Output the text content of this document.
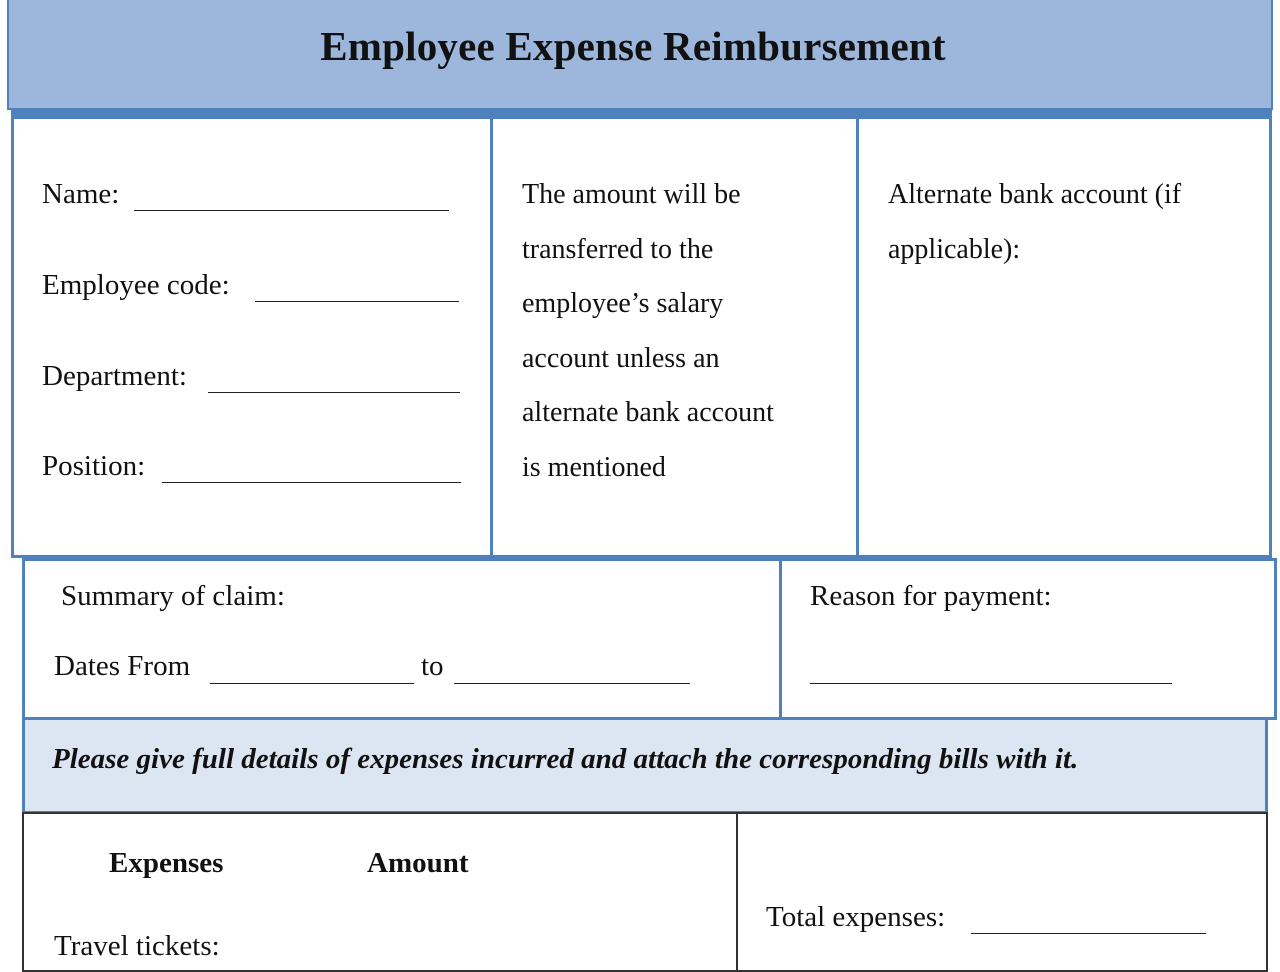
Employee Expense Reimbursement
Name:
Employee code:
Department:
Position:
The amount will be
transferred to the
employee’s salary
account unless an
alternate bank account
is mentioned
Alternate bank account (if
applicable):
Summary of claim:
Dates From	to
Reason for payment:
Please give full details of expenses incurred and attach the corresponding bills with it.
Expenses	Amount
Travel tickets:
Total expenses:
